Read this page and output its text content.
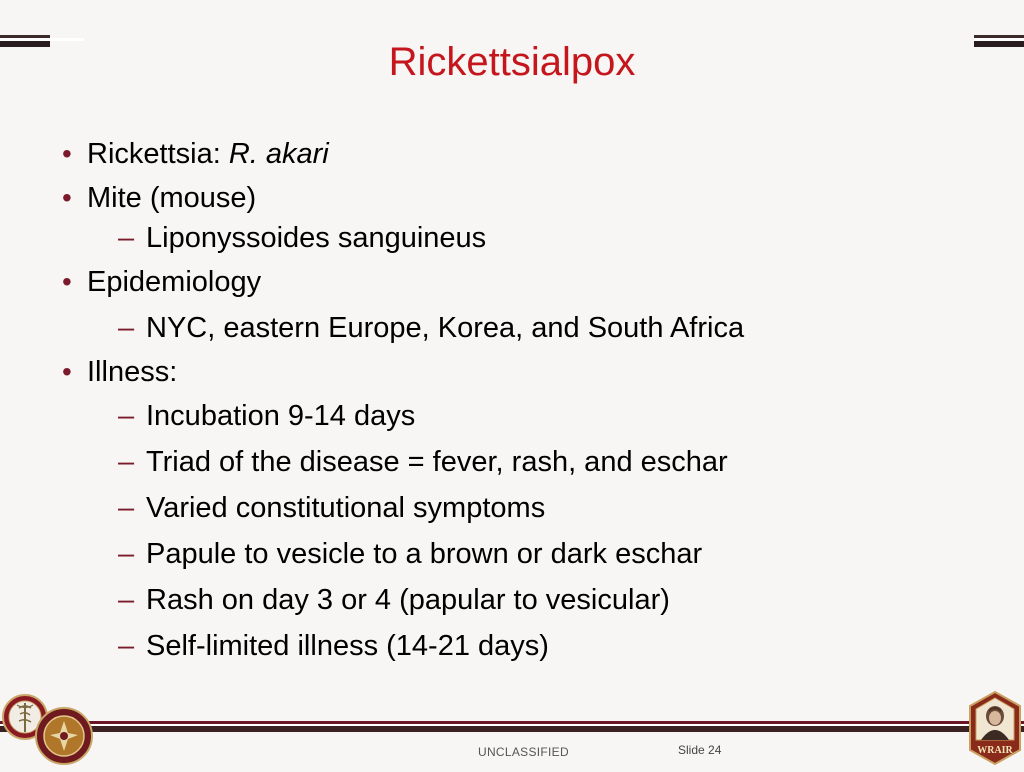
Rickettsialpox
• Rickettsia: R. akari
• Mite (mouse)
– Liponyssoides sanguineus
• Epidemiology
– NYC, eastern Europe, Korea, and South Africa
• Illness:
– Incubation 9-14 days
– Triad of the disease = fever, rash, and eschar
– Varied constitutional symptoms
– Papule to vesicle to a brown or dark eschar
– Rash on day 3 or 4 (papular to vesicular)
– Self-limited illness (14-21 days)
UNCLASSIFIED	Slide 24	WRAIR
